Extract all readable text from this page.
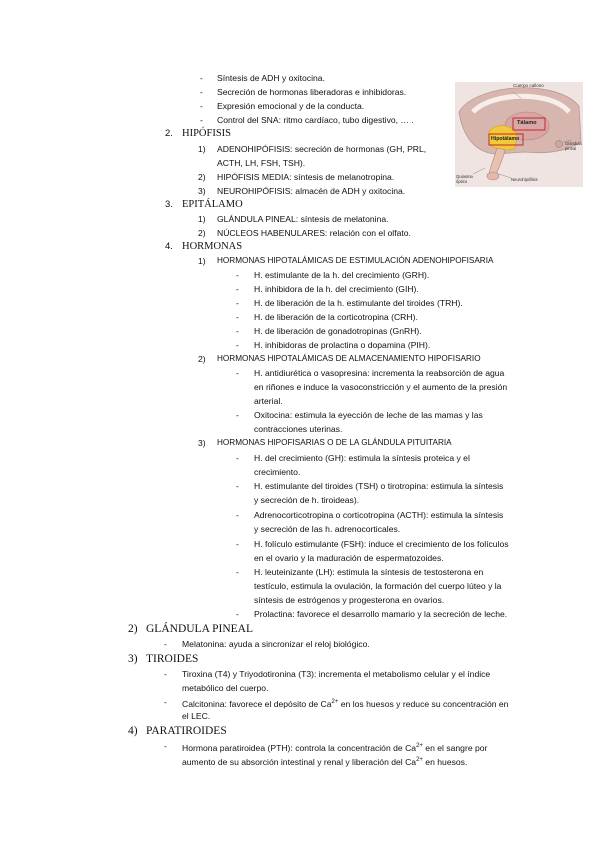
- Síntesis de ADH y oxitocina.
- Secreción de hormonas liberadoras e inhibidoras.
- Expresión emocional y de la conducta.
- Control del SNA: ritmo cardíaco, tubo digestivo, … .
2. HIPÓFISIS
1) ADENOHIPÓFISIS: secreción de hormonas (GH, PRL,
ACTH, LH, FSH, TSH).
2) HIPÓFISIS MEDIA: síntesis de melanotropina.
3) NEUROHIPÓFISIS: almacén de ADH y oxitocina.
3. EPITÁLAMO
1) GLÁNDULA PINEAL: síntesis de melatonina.
2) NÚCLEOS HABENULARES: relación con el olfato.
4. HORMONAS
1) HORMONAS HIPOTALÁMICAS DE ESTIMULACIÓN ADENOHIPOFISARIA
- H. estimulante de la h. del crecimiento (GRH).
- H. inhibidora de la h. del crecimiento (GIH).
- H. de liberación de la h. estimulante del tiroides (TRH).
- H. de liberación de la corticotropina (CRH).
- H. de liberación de gonadotropinas (GnRH).
- H. inhibidoras de prolactina o dopamina (PIH).
2) HORMONAS HIPOTALÁMICAS DE ALMACENAMIENTO HIPOFISARIO
- H. antidiurética o vasopresina: incrementa la reabsorción de agua
en riñones e induce la vasoconstricción y el aumento de la presión
arterial.
- Oxitocina: estimula la eyección de leche de las mamas y las
contracciones uterinas.
3) HORMONAS HIPOFISARIAS O DE LA GLÁNDULA PITUITARIA
- H. del crecimiento (GH): estimula la síntesis proteica y el
crecimiento.
- H. estimulante del tiroides (TSH) o tirotropina: estimula la síntesis
y secreción de h. tiroideas).
- Adrenocorticotropina o corticotropina (ACTH): estimula la síntesis
y secreción de las h. adrenocorticales.
- H. folículo estimulante (FSH): induce el crecimiento de los folículos
en el ovario y la maduración de espermatozoides.
- H. leuteinizante (LH): estimula la síntesis de testosterona en
testículo, estimula la ovulación, la formación del cuerpo lúteo y la
síntesis de estrógenos y progesterona en ovarios.
- Prolactina: favorece el desarrollo mamario y la secreción de leche.
2) GLÁNDULA PINEAL
- Melatonina: ayuda a sincronizar el reloj biológico.
3) TIROIDES
- Tiroxina (T4) y Triyodotironina (T3): incrementa el metabolismo celular y el índice
metabólico del cuerpo.
- Calcitonina: favorece el depósito de $Ca^{2+}$ en los huesos y reduce su concentración en
el LEC.
4) PARATIROIDES
- Hormona paratiroidea (PTH): controla la concentración de $Ca^{2+}$ en el sangre por
aumento de su absorción intestinal y renal y liberación del $Ca^{2+}$ en huesos.
Cuerpo calloso
Tálamo
Hipotálamo
Glándula pineal
Quiasma óptico	Neurohipófisis
